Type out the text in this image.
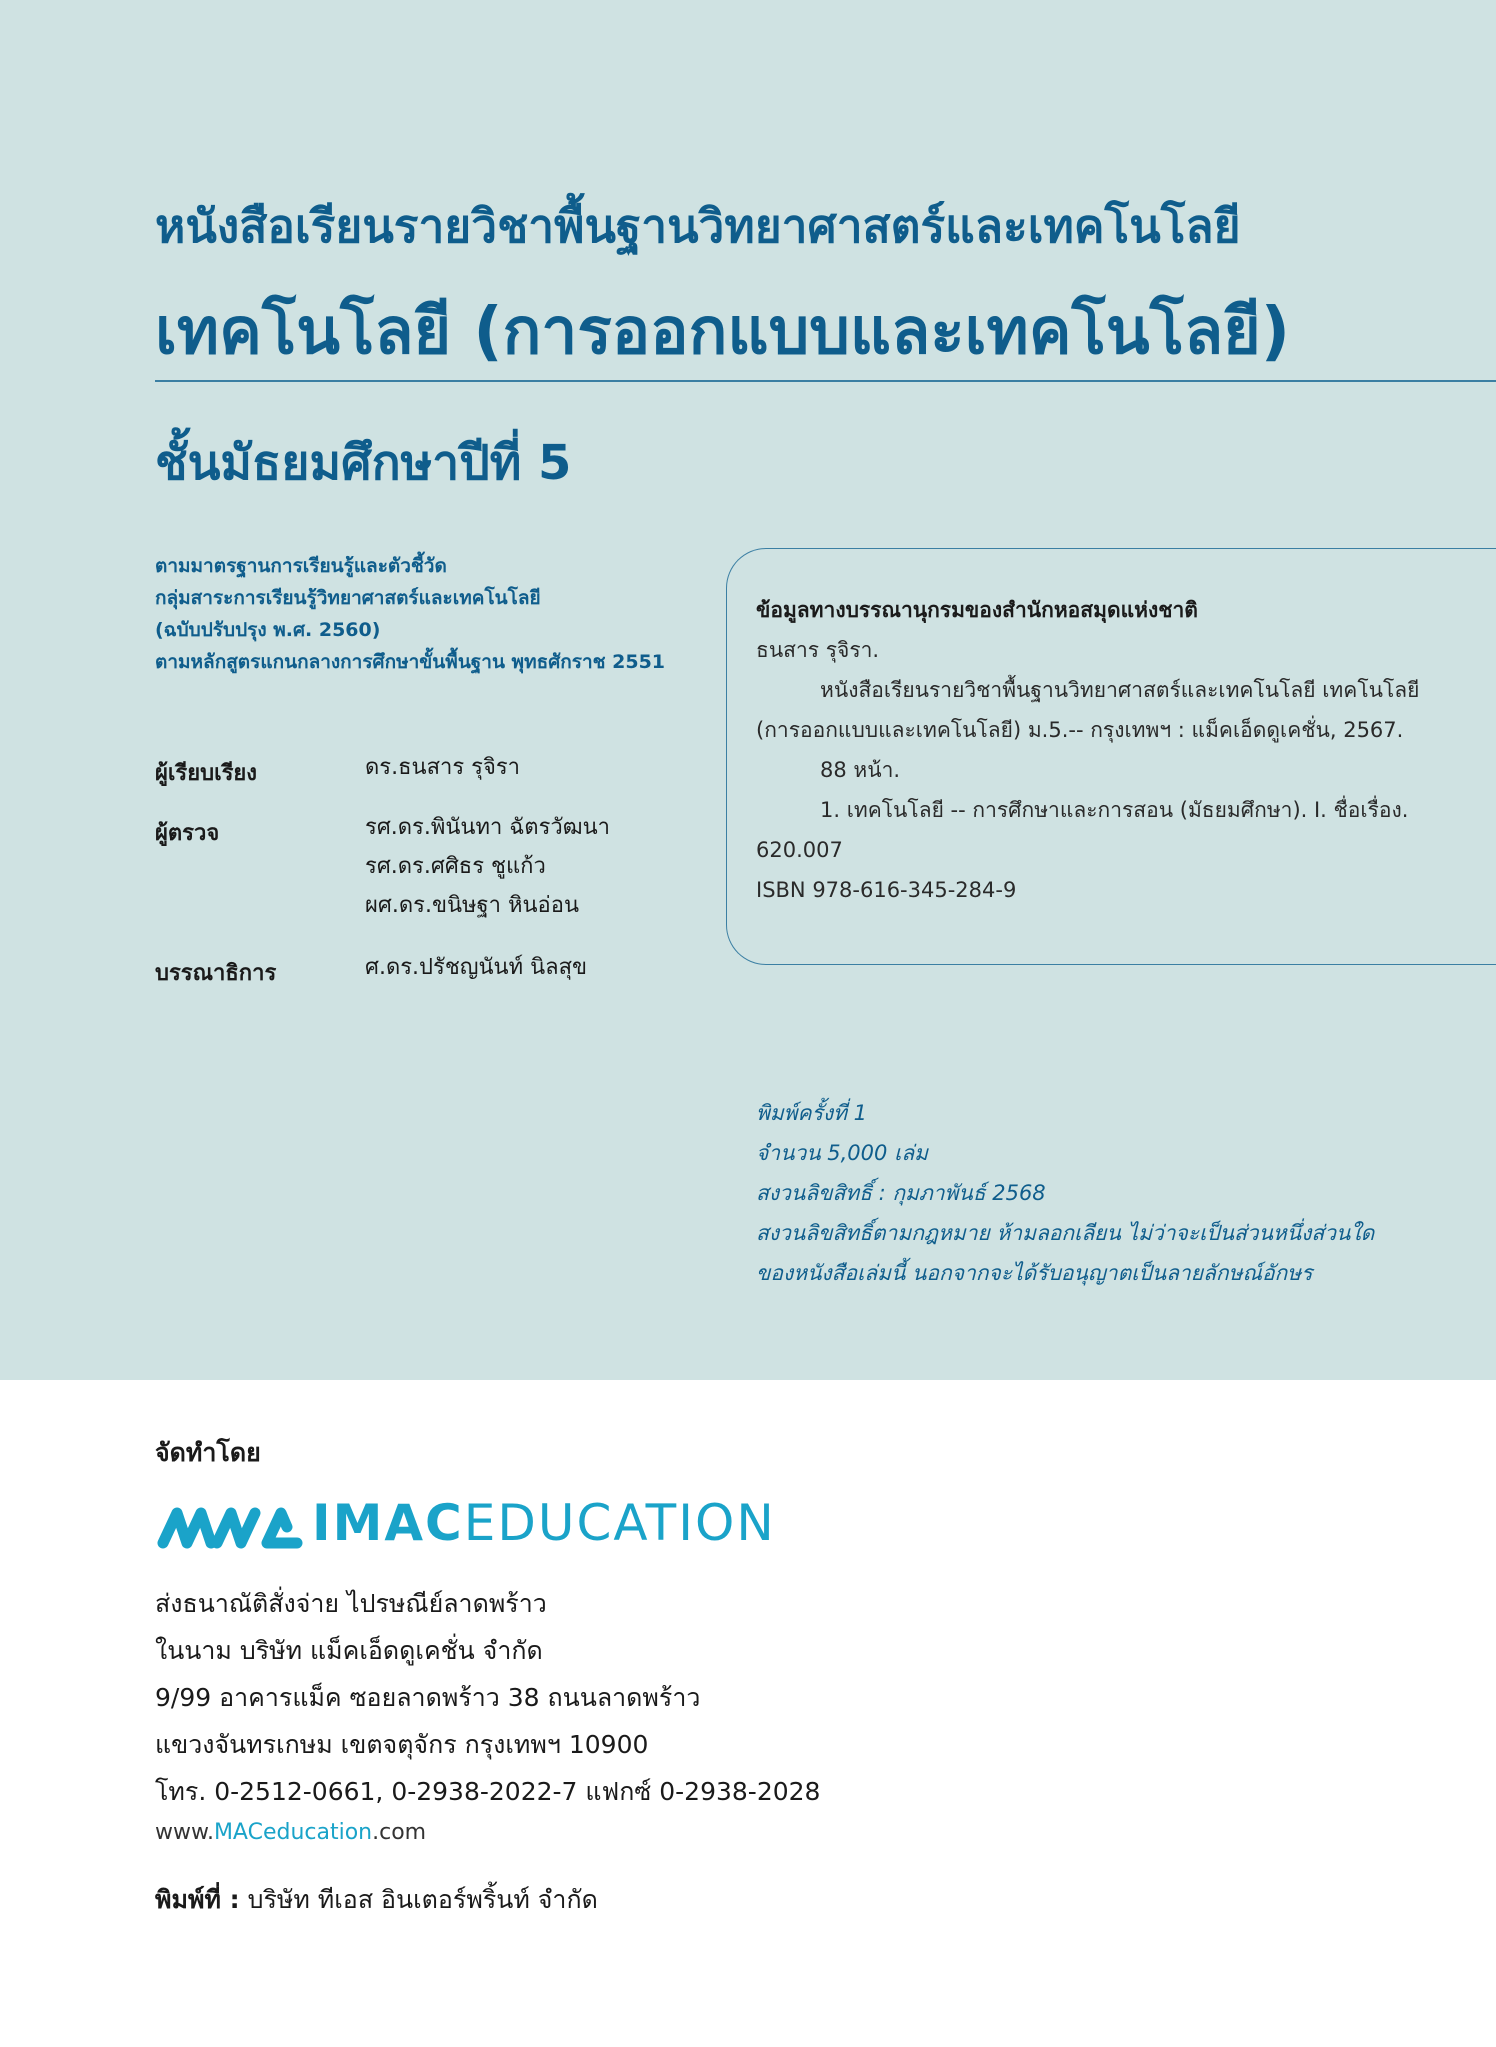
หนังสือเรียนรายวิชาพื้นฐานวิทยาศาสตร์และเทคโนโลยี
เทคโนโลยี (การออกแบบและเทคโนโลยี)
ชั้นมัธยมศึกษาปีที่ 5
ตามมาตรฐานการเรียนรู้และตัวชี้วัด
กลุ่มสาระการเรียนรู้วิทยาศาสตร์และเทคโนโลยี
(ฉบับปรับปรุง พ.ศ. 2560)
ตามหลักสูตรแกนกลางการศึกษาขั้นพื้นฐาน พุทธศักราช 2551
ผู้เรียบเรียง	ดร.ธนสาร รุจิรา
ผู้ตรวจ	รศ.ดร.พินันทา ฉัตรวัฒนา
รศ.ดร.ศศิธร ชูแก้ว
ผศ.ดร.ขนิษฐา หินอ่อน
บรรณาธิการ	ศ.ดร.ปรัชญนันท์ นิลสุข
ข้อมูลทางบรรณานุกรมของสำนักหอสมุดแห่งชาติ
ธนสาร รุจิรา.
หนังสือเรียนรายวิชาพื้นฐานวิทยาศาสตร์และเทคโนโลยี เทคโนโลยี
(การออกแบบและเทคโนโลยี) ม.5.-- กรุงเทพฯ : แม็คเอ็ดดูเคชั่น, 2567.
88 หน้า.
1. เทคโนโลยี -- การศึกษาและการสอน (มัธยมศึกษา). I. ชื่อเรื่อง.
620.007
ISBN 978-616-345-284-9
พิมพ์ครั้งที่ 1
จำนวน 5,000 เล่ม
สงวนลิขสิทธิ์ : กุมภาพันธ์ 2568
สงวนลิขสิทธิ์ตามกฎหมาย ห้ามลอกเลียน ไม่ว่าจะเป็นส่วนหนึ่งส่วนใด
ของหนังสือเล่มนี้ นอกจากจะได้รับอนุญาตเป็นลายลักษณ์อักษร
จัดทำโดย
IMACEDUCATION
ส่งธนาณัติสั่งจ่าย ไปรษณีย์ลาดพร้าว
ในนาม บริษัท แม็คเอ็ดดูเคชั่น จำกัด
9/99 อาคารแม็ค ซอยลาดพร้าว 38 ถนนลาดพร้าว
แขวงจันทรเกษม เขตจตุจักร กรุงเทพฯ 10900
โทร. 0-2512-0661, 0-2938-2022-7 แฟกซ์ 0-2938-2028
www.MACeducation.com
พิมพ์ที่ : บริษัท ทีเอส อินเตอร์พริ้นท์ จำกัด
